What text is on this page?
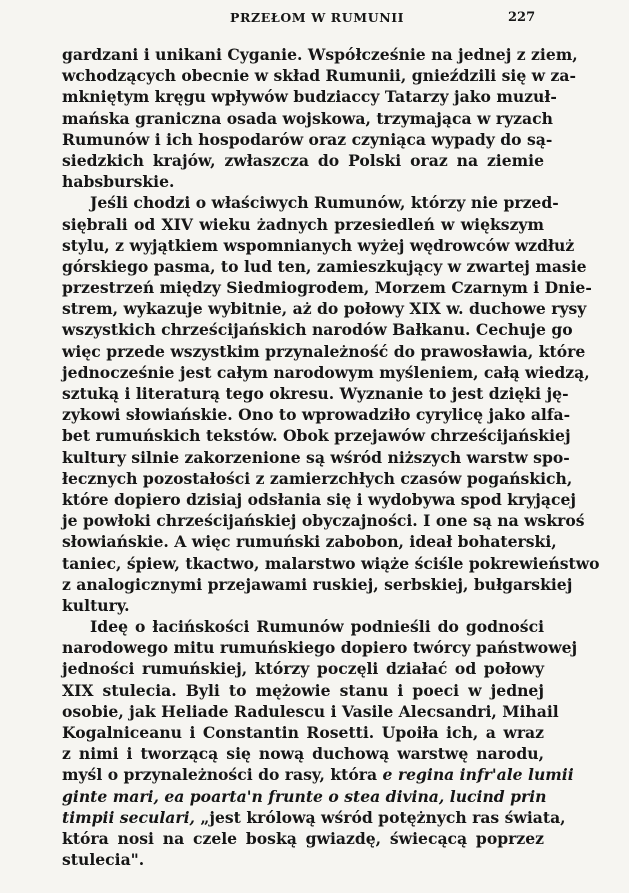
PRZEŁOM W RUMUNII	227
gardzani i unikani Cyganie. Współcześnie na jednej z ziem,
wchodzących obecnie w skład Rumunii, gnieździli się w za-
mkniętym kręgu wpływów budziaccy Tatarzy jako muzuł-
mańska graniczna osada wojskowa, trzymająca w ryzach
Rumunów i ich hospodarów oraz czyniąca wypady do są-
siedzkich krajów, zwłaszcza do Polski oraz na ziemie
habsburskie.
Jeśli chodzi o właściwych Rumunów, którzy nie przed-
siębrali od XIV wieku żadnych przesiedleń w większym
stylu, z wyjątkiem wspomnianych wyżej wędrowców wzdłuż
górskiego pasma, to lud ten, zamieszkujący w zwartej masie
przestrzeń między Siedmiogrodem, Morzem Czarnym i Dnie-
strem, wykazuje wybitnie, aż do połowy XIX w. duchowe rysy
wszystkich chrześcijańskich narodów Bałkanu. Cechuje go
więc przede wszystkim przynależność do prawosławia, które
jednocześnie jest całym narodowym myśleniem, całą wiedzą,
sztuką i literaturą tego okresu. Wyznanie to jest dzięki ję-
zykowi słowiańskie. Ono to wprowadziło cyrylicę jako alfa-
bet rumuńskich tekstów. Obok przejawów chrześcijańskiej
kultury silnie zakorzenione są wśród niższych warstw spo-
łecznych pozostałości z zamierzchłych czasów pogańskich,
które dopiero dzisiaj odsłania się i wydobywa spod kryjącej
je powłoki chrześcijańskiej obyczajności. I one są na wskroś
słowiańskie. A więc rumuński zabobon, ideał bohaterski,
taniec, śpiew, tkactwo, malarstwo wiąże ściśle pokrewieństwo
z analogicznymi przejawami ruskiej, serbskiej, bułgarskiej
kultury.
Ideę o łacińskości Rumunów podnieśli do godności
narodowego mitu rumuńskiego dopiero twórcy państwowej
jedności rumuńskiej, którzy poczęli działać od połowy
XIX stulecia. Byli to mężowie stanu i poeci w jednej
osobie, jak Heliade Radulescu i Vasile Alecsandri, Mihail
Kogalniceanu i Constantin Rosetti. Upoiła ich, a wraz
z nimi i tworzącą się nową duchową warstwę narodu,
myśl o przynależności do rasy, która e regina infr'ale lumii
ginte mari, ea poarta'n frunte o stea divina, lucind prin
timpii seculari, „jest królową wśród potężnych ras świata,
która nosi na czele boską gwiazdę, świecącą poprzez
stulecia".
